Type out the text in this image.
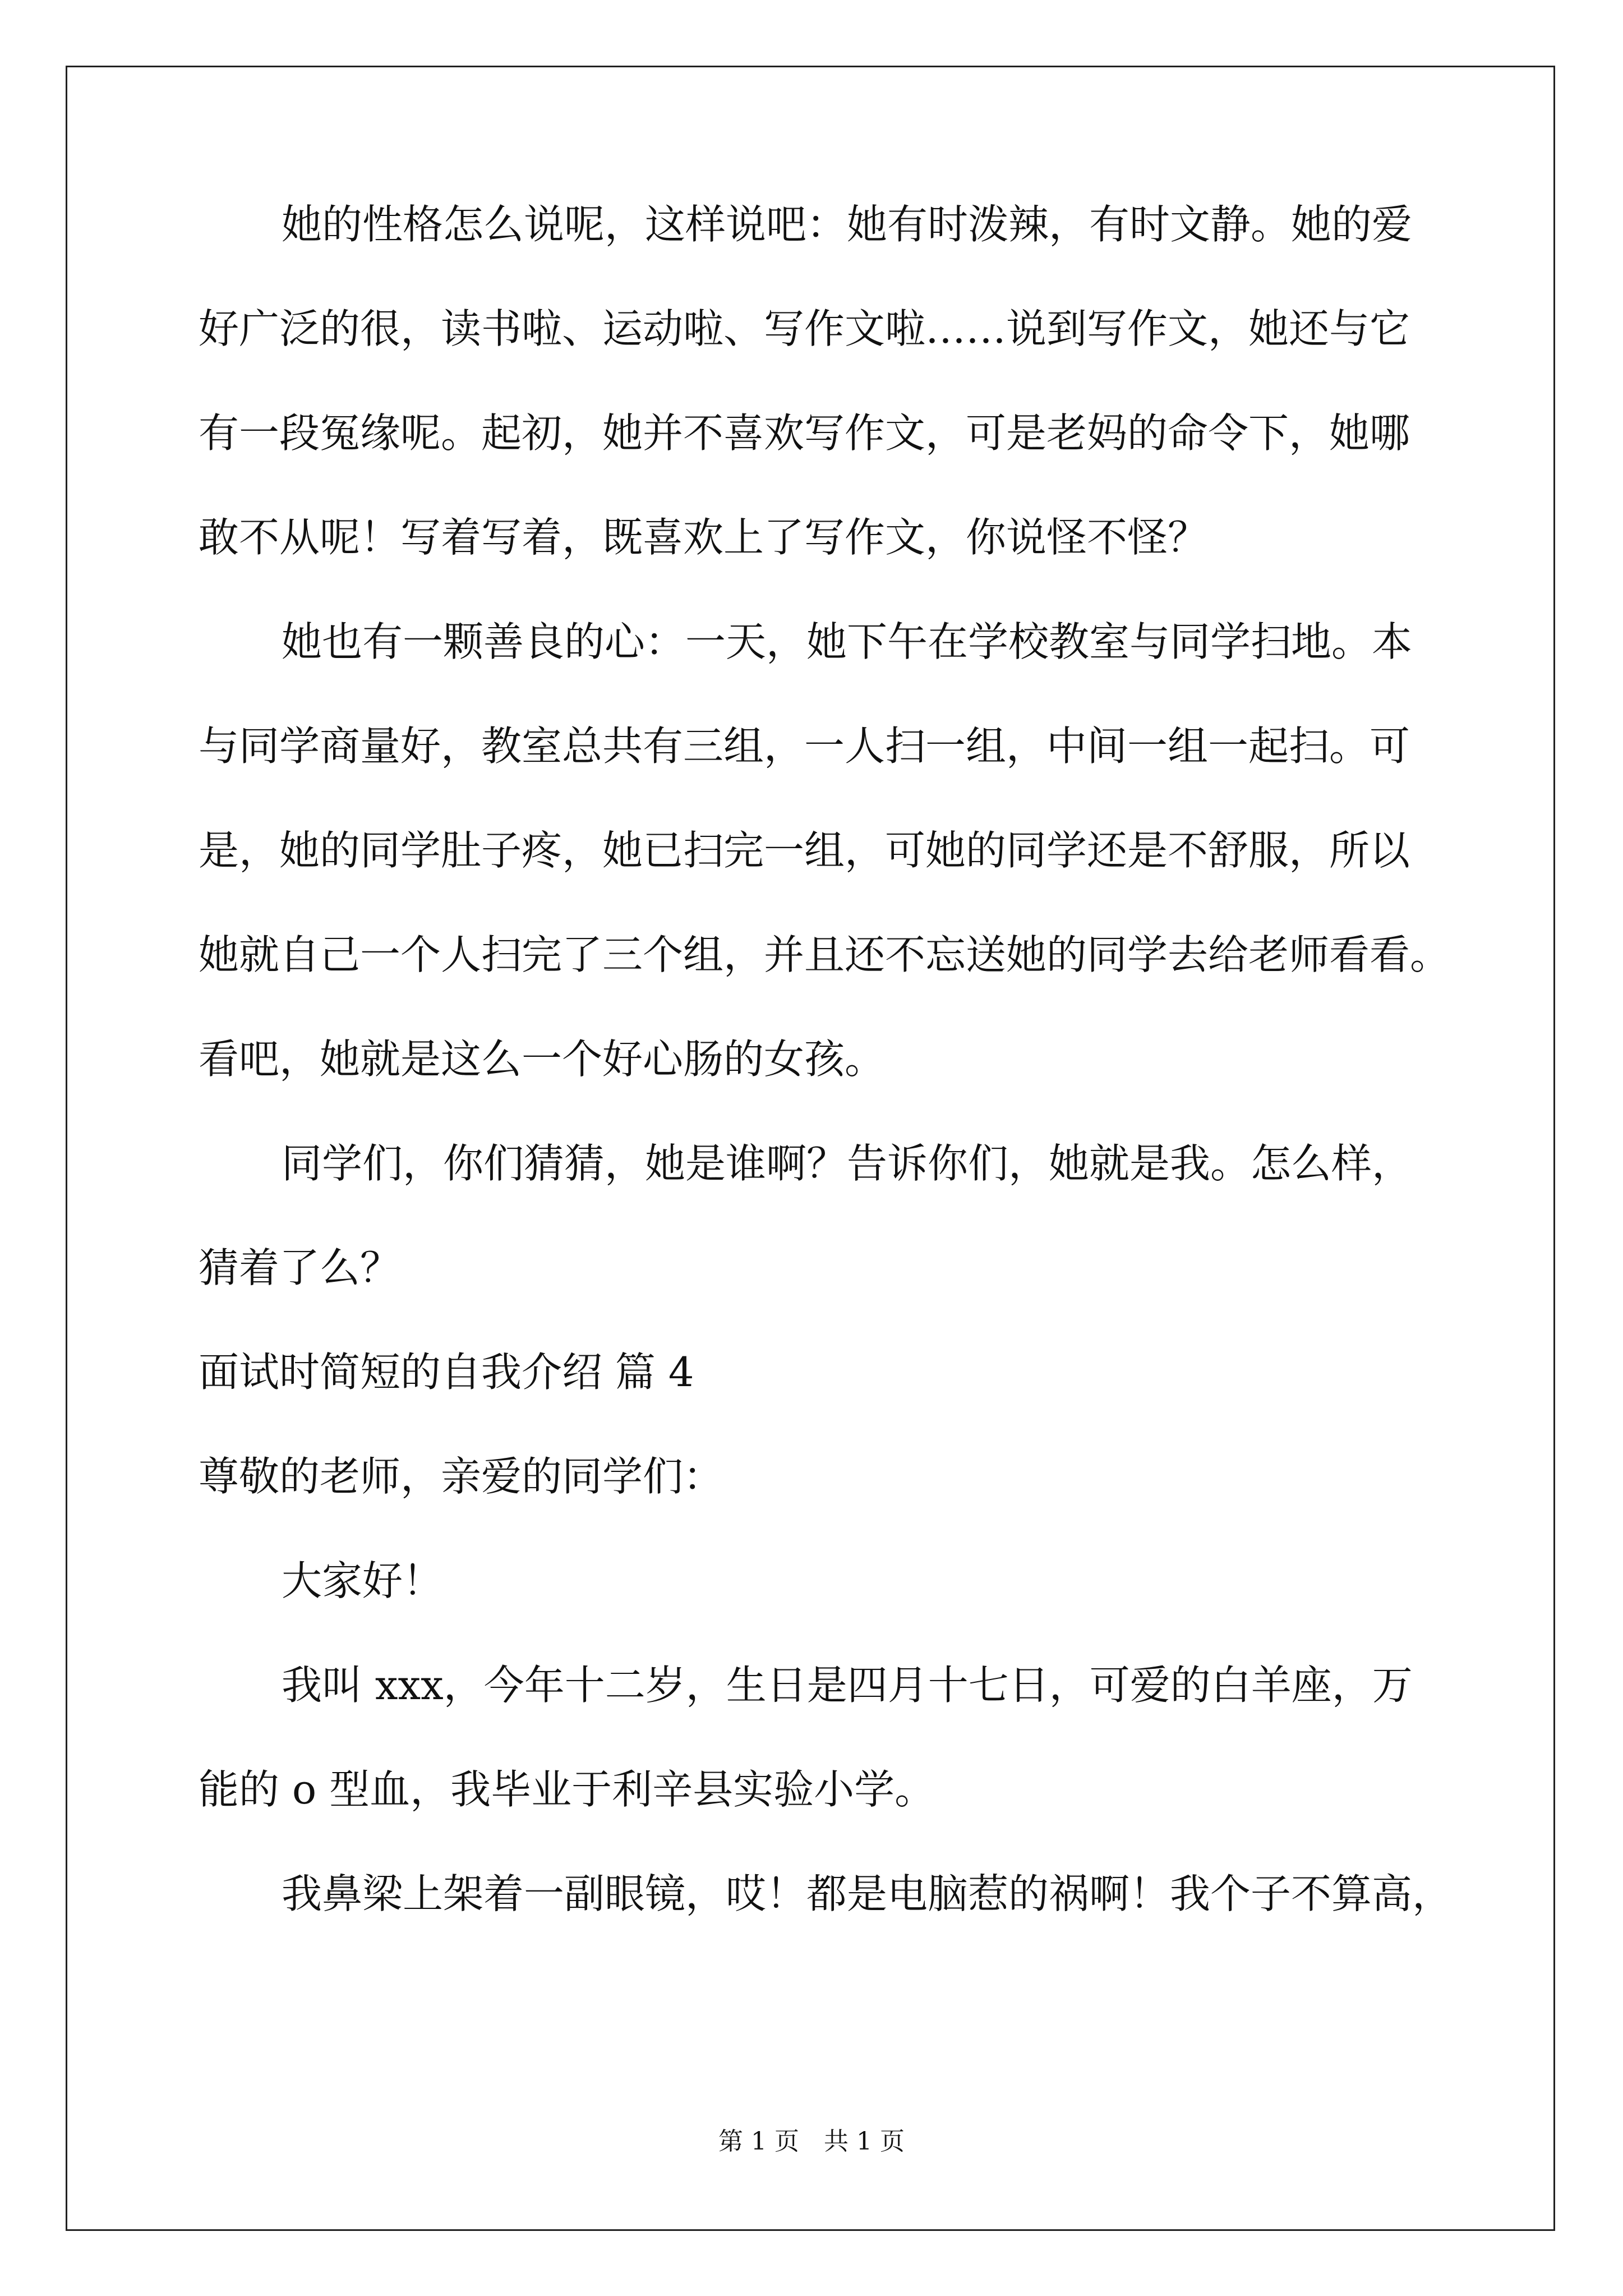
她的性格怎么说呢，这样说吧：她有时泼辣，有时文静。她的爱
好广泛的很，读书啦、运动啦、写作文啦……说到写作文，她还与它
有一段冤缘呢。起初，她并不喜欢写作文，可是老妈的命令下，她哪
敢不从呢！写着写着，既喜欢上了写作文，你说怪不怪？
她也有一颗善良的心：一天，她下午在学校教室与同学扫地。本
与同学商量好，教室总共有三组，一人扫一组，中间一组一起扫。可
是，她的同学肚子疼，她已扫完一组，可她的同学还是不舒服，所以
她就自己一个人扫完了三个组，并且还不忘送她的同学去给老师看看。
看吧，她就是这么一个好心肠的女孩。
同学们，你们猜猜，她是谁啊？告诉你们，她就是我。怎么样，
猜着了么？
面试时简短的自我介绍 篇 4
尊敬的老师，亲爱的同学们：
大家好！
我叫 xxx，今年十二岁，生日是四月十七日，可爱的白羊座，万
能的 o 型血，我毕业于利辛县实验小学。
我鼻梁上架着一副眼镜，哎！都是电脑惹的祸啊！我个子不算高，
第 1 页　共 1 页
